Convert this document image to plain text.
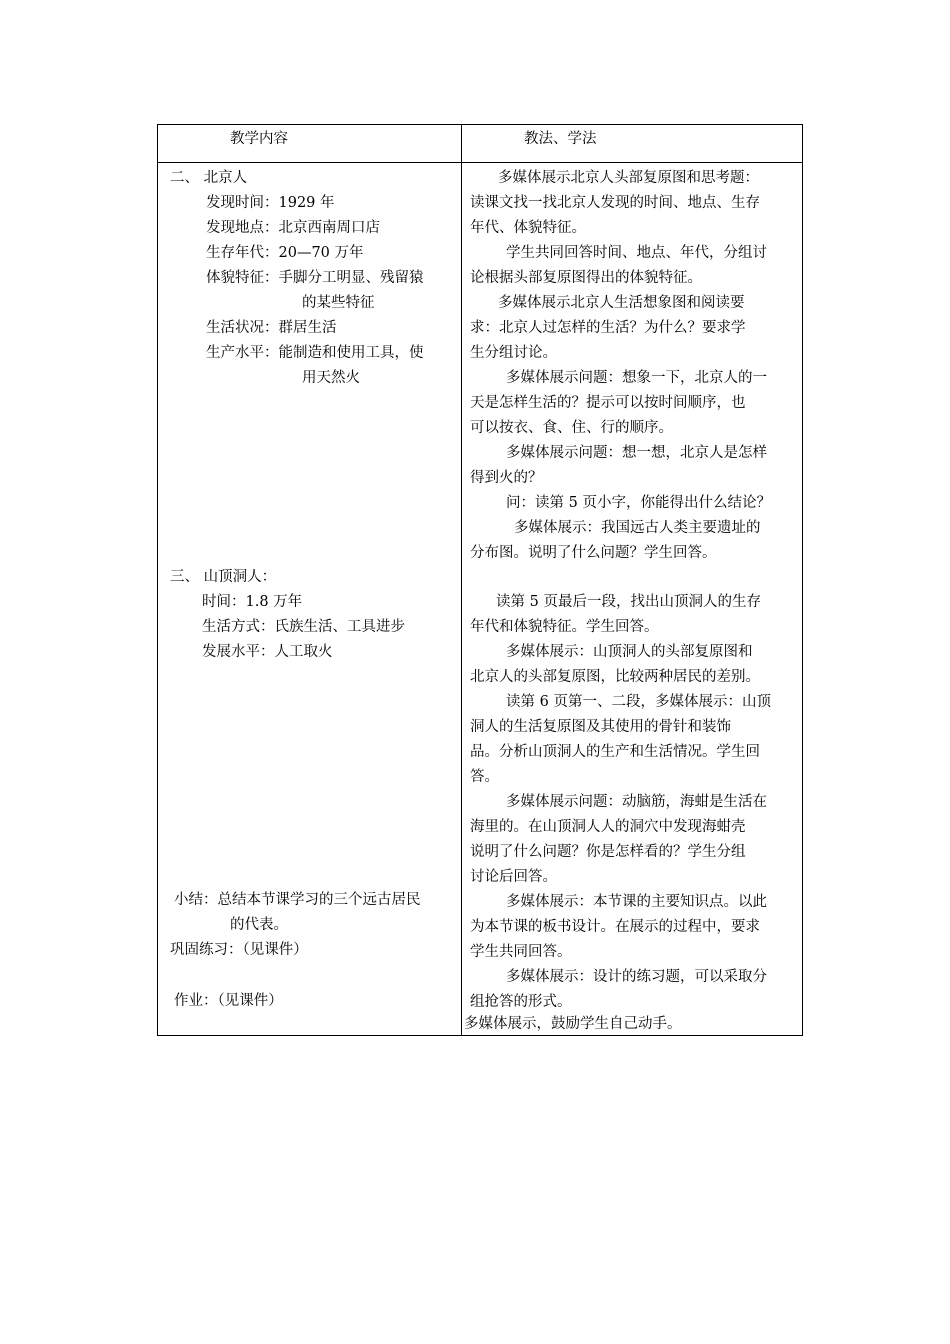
教学内容	教法、学法
二、 北京人
发现时间：1929 年
发现地点：北京西南周口店
生存年代：20—70 万年
体貌特征：手脚分工明显、残留猿
的某些特征
生活状况：群居生活
生产水平：能制造和使用工具，使
用天然火
三、 山顶洞人：
时间：1.8 万年
生活方式：氏族生活、工具进步
发展水平：人工取火
小结：总结本节课学习的三个远古居民
的代表。
巩固练习：（见课件）
作业：（见课件）
多媒体展示北京人头部复原图和思考题：
读课文找一找北京人发现的时间、地点、生存
年代、体貌特征。
学生共同回答时间、地点、年代，分组讨
论根据头部复原图得出的体貌特征。
多媒体展示北京人生活想象图和阅读要
求：北京人过怎样的生活？为什么？要求学
生分组讨论。
多媒体展示问题：想象一下，北京人的一
天是怎样生活的？提示可以按时间顺序，也
可以按衣、食、住、行的顺序。
多媒体展示问题：想一想，北京人是怎样
得到火的？
问：读第 5 页小字，你能得出什么结论？
多媒体展示：我国远古人类主要遗址的
分布图。说明了什么问题？学生回答。
读第 5 页最后一段，找出山顶洞人的生存
年代和体貌特征。学生回答。
多媒体展示：山顶洞人的头部复原图和
北京人的头部复原图，比较两种居民的差别。
读第 6 页第一、二段，多媒体展示：山顶
洞人的生活复原图及其使用的骨针和装饰
品。分析山顶洞人的生产和生活情况。学生回
答。
多媒体展示问题：动脑筋，海蚶是生活在
海里的。在山顶洞人人的洞穴中发现海蚶壳
说明了什么问题？你是怎样看的？学生分组
讨论后回答。
多媒体展示：本节课的主要知识点。以此
为本节课的板书设计。在展示的过程中，要求
学生共同回答。
多媒体展示：设计的练习题，可以采取分
组抢答的形式。
多媒体展示，鼓励学生自己动手。
